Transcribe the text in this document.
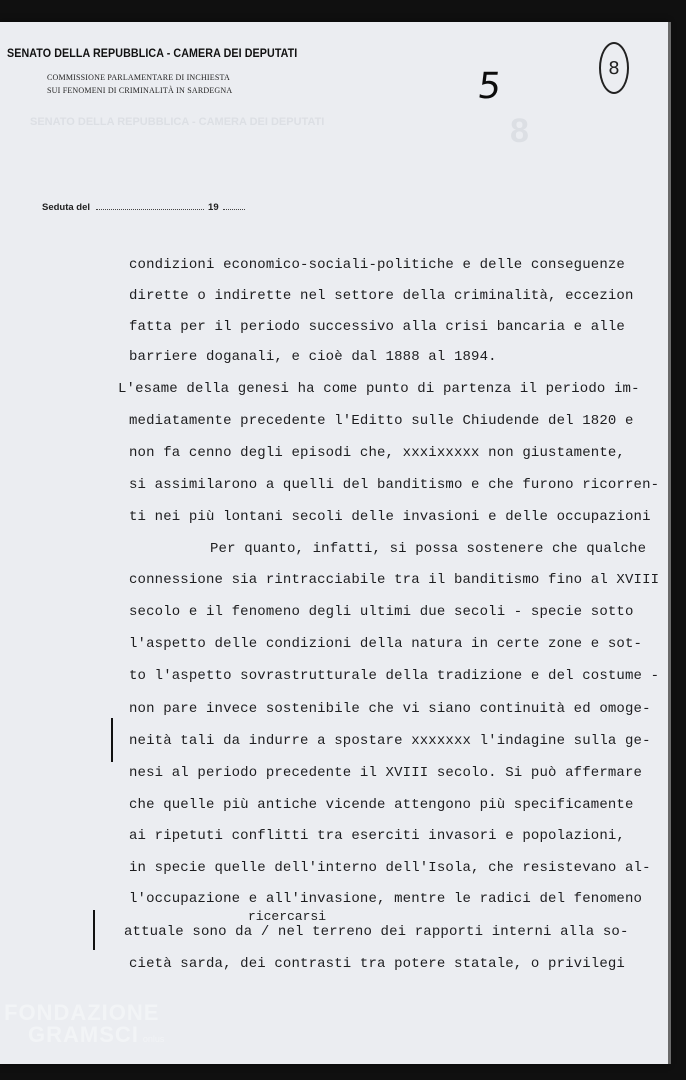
SENATO DELLA REPUBBLICA - CAMERA DEI DEPUTATI	8
SENATO DELLA REPUBBLICA - CAMERA DEI DEPUTATI
COMMISSIONE PARLAMENTARE DI INCHIESTA
SUI FENOMENI DI CRIMINALITÀ IN SARDEGNA	5	8
Seduta del	19
condizioni economico-sociali-politiche e delle conseguenze
dirette o indirette nel settore della criminalità, eccezion
fatta per il periodo successivo alla crisi bancaria e alle
barriere doganali, e cioè dal 1888 al 1894.
L'esame della genesi ha come punto di partenza il periodo im-
mediatamente precedente l'Editto sulle Chiudende del 1820 e
non fa cenno degli episodi che, xxxixxxxx non giustamente,
si assimilarono a quelli del banditismo e che furono ricorren-
ti nei più lontani secoli delle invasioni e delle occupazioni
Per quanto, infatti, si possa sostenere che qualche
connessione sia rintracciabile tra il banditismo fino al XVIII
secolo e il fenomeno degli ultimi due secoli - specie sotto
l'aspetto delle condizioni della natura in certe zone e sot-
to l'aspetto sovrastrutturale della tradizione e del costume -
non pare invece sostenibile che vi siano continuità ed omoge-
neità tali da indurre a spostare xxxxxxx l'indagine sulla ge-
nesi al periodo precedente il XVIII secolo. Si può affermare
che quelle più antiche vicende attengono più specificamente
ai ripetuti conflitti tra eserciti invasori e popolazioni,
in specie quelle dell'interno dell'Isola, che resistevano al-
l'occupazione e all'invasione, mentre le radici del fenomeno
attuale sono da / nel terreno dei rapporti interni alla so-
cietà sarda, dei contrasti tra potere statale, o privilegi
ricercarsi
FONDAZIONE
GRAMSCI onlus
